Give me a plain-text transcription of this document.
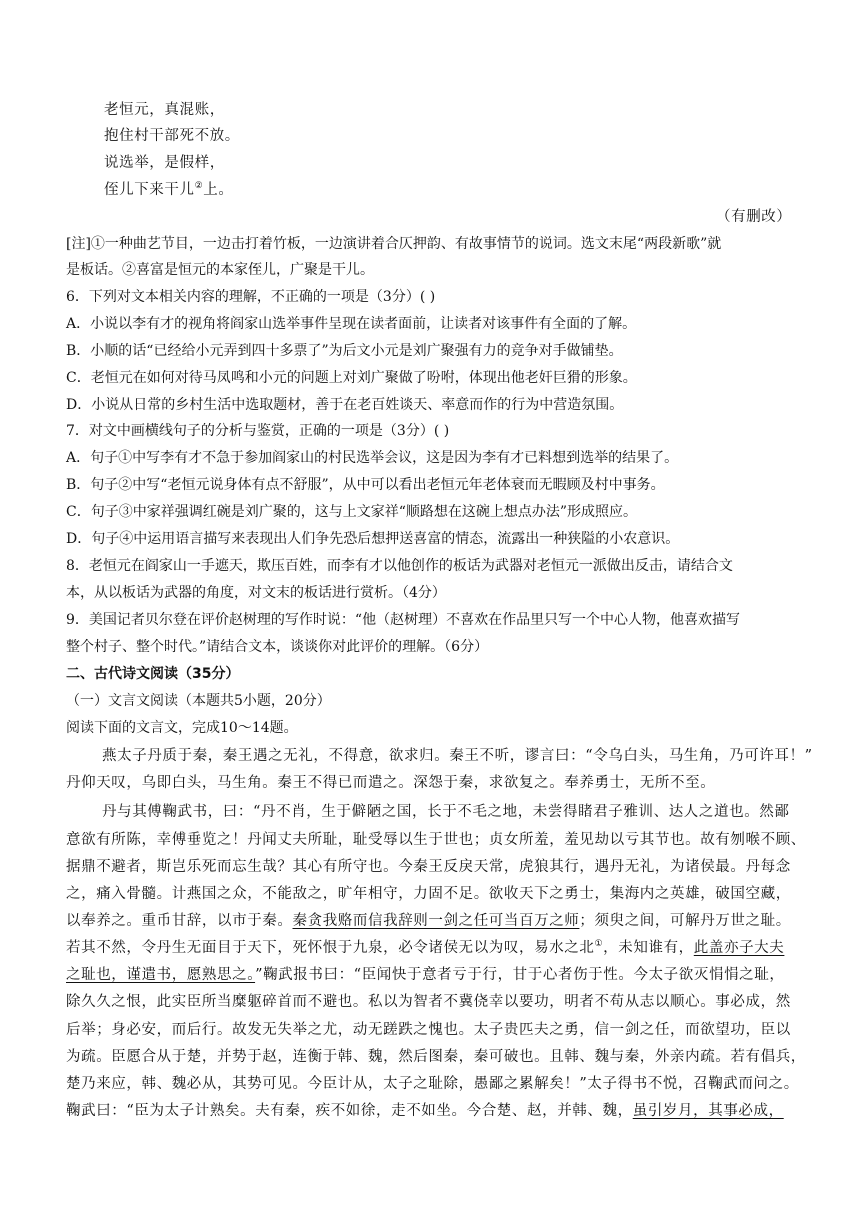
老恒元，真混账，
抱住村干部死不放。
说选举，是假样，
侄儿下来干儿②上。
（有删改）
[注]①一种曲艺节目，一边击打着竹板，一边演讲着合仄押韵、有故事情节的说词。选文末尾“两段新歌”就
是板话。②喜富是恒元的本家侄儿，广聚是干儿。
6．下列对文本相关内容的理解，不正确的一项是（3分）( )
A．小说以李有才的视角将阎家山选举事件呈现在读者面前，让读者对该事件有全面的了解。
B．小顺的话“已经给小元弄到四十多票了”为后文小元是刘广聚强有力的竞争对手做铺垫。
C．老恒元在如何对待马凤鸣和小元的问题上对刘广聚做了吩咐，体现出他老奸巨猾的形象。
D．小说从日常的乡村生活中选取题材，善于在老百姓谈天、率意而作的行为中营造氛围。
7．对文中画横线句子的分析与鉴赏，正确的一项是（3分）( )
A．句子①中写李有才不急于参加阎家山的村民选举会议，这是因为李有才已料想到选举的结果了。
B．句子②中写“老恒元说身体有点不舒服”，从中可以看出老恒元年老体衰而无暇顾及村中事务。
C．句子③中家祥强调红碗是刘广聚的，这与上文家祥“顺路想在这碗上想点办法”形成照应。
D．句子④中运用语言描写来表现出人们争先恐后想押送喜富的情态，流露出一种狭隘的小农意识。
8．老恒元在阎家山一手遮天，欺压百姓，而李有才以他创作的板话为武器对老恒元一派做出反击，请结合文
本，从以板话为武器的角度，对文末的板话进行赏析。（4分）
9．美国记者贝尔登在评价赵树理的写作时说：“他（赵树理）不喜欢在作品里只写一个中心人物，他喜欢描写
整个村子、整个时代。”请结合文本，谈谈你对此评价的理解。（6分）
二、古代诗文阅读（35分）
（一）文言文阅读（本题共5小题，20分）
阅读下面的文言文，完成10～14题。
燕太子丹质于秦，秦王遇之无礼，不得意，欲求归。秦王不听，谬言曰：“令乌白头，马生角，乃可许耳！”
丹仰天叹，乌即白头，马生角。秦王不得已而遣之。深怨于秦，求欲复之。奉养勇士，无所不至。
丹与其傅鞠武书，曰：“丹不肖，生于僻陋之国，长于不毛之地，未尝得睹君子雅训、达人之道也。然鄙
意欲有所陈，幸傅垂览之！丹闻丈夫所耻，耻受辱以生于世也；贞女所羞，羞见劫以亏其节也。故有刎喉不顾、
据鼎不避者，斯岂乐死而忘生哉？其心有所守也。今秦王反戾天常，虎狼其行，遇丹无礼，为诸侯最。丹每念
之，痛入骨髓。计燕国之众，不能敌之，旷年相守，力固不足。欲收天下之勇士，集海内之英雄，破国空藏，
以奉养之。重币甘辞，以市于秦。秦贪我赂而信我辞则一剑之任可当百万之师；须臾之间，可解丹万世之耻。
若其不然，令丹生无面目于天下，死怀恨于九泉，必令诸侯无以为叹，易水之北①，未知谁有，此盖亦子大夫
之耻也，谨遣书，愿熟思之。”鞠武报书曰：“臣闻快于意者亏于行，甘于心者伤于性。今太子欲灭悁悁之耻，
除久久之恨，此实臣所当糜躯碎首而不避也。私以为智者不冀侥幸以要功，明者不苟从志以顺心。事必成，然
后举；身必安，而后行。故发无失举之尤，动无蹉跌之愧也。太子贵匹夫之勇，信一剑之任，而欲望功，臣以
为疏。臣愿合从于楚，并势于赵，连衡于韩、魏，然后图秦，秦可破也。且韩、魏与秦，外亲内疏。若有倡兵，
楚乃来应，韩、魏必从，其势可见。今臣计从，太子之耻除，愚鄙之累解矣！”太子得书不悦，召鞠武而问之。
鞠武曰：“臣为太子计熟矣。夫有秦，疾不如徐，走不如坐。今合楚、赵，并韩、魏，虽引岁月，其事必成，
